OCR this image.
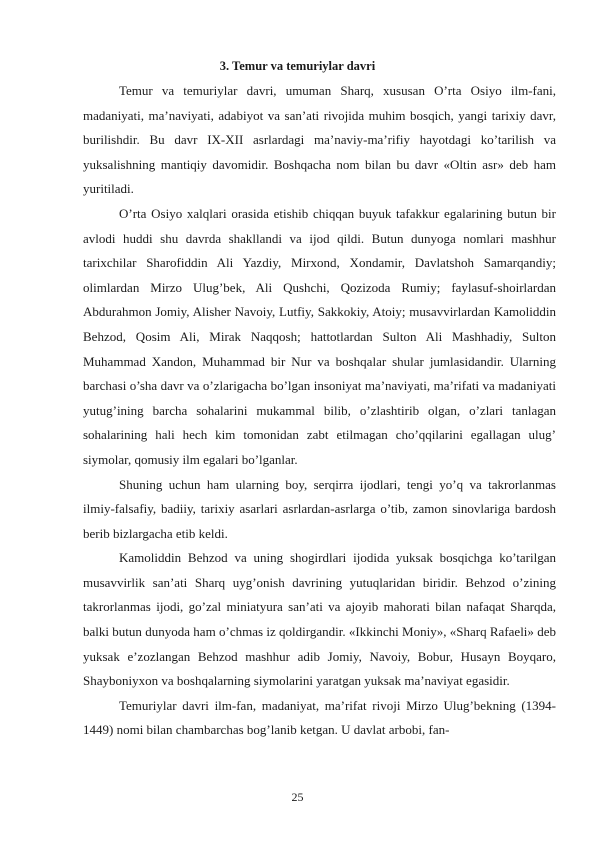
3. Temur va temuriylar davri

Temur va temuriylar davri, umuman Sharq, xususan O’rta Osiyo ilm-fani, madaniyati, ma’naviyati, adabiyot va san’ati rivojida muhim bosqich, yangi tarixiy davr, burilishdir. Bu davr IX-XII asrlardagi ma’naviy-ma’rifiy hayotdagi ko’tarilish va yuksalishning mantiqiy davomidir. Boshqacha nom bilan bu davr «Oltin asr» deb ham yuritiladi.

O’rta Osiyo xalqlari orasida etishib chiqqan buyuk tafakkur egalarining butun bir avlodi huddi shu davrda shakllandi va ijod qildi. Butun dunyoga nomlari mashhur tarixchilar Sharofiddin Ali Yazdiy, Mirxond, Xondamir, Davlatshoh Samarqandiy; olimlardan Mirzo Ulug’bek, Ali Qushchi, Qozizoda Rumiy; faylasuf-shoirlardan Abdurahmon Jomiy, Alisher Navoiy, Lutfiy, Sakkokiy, Atoiy; musavvirlardan Kamoliddin Behzod, Qosim Ali, Mirak Naqqosh; hattotlardan Sulton Ali Mashhadiy, Sulton Muhammad Xandon, Muhammad bir Nur va boshqalar shular jumlasidandir. Ularning barchasi o’sha davr va o’zlarigacha bo’lgan insoniyat ma’naviyati, ma’rifati va madaniyati yutug’ining barcha sohalarini mukammal bilib, o’zlashtirib olgan, o’zlari tanlagan sohalarining hali hech kim tomonidan zabt etilmagan cho’qqilarini egallagan ulug’ siymolar, qomusiy ilm egalari bo’lganlar.

Shuning uchun ham ularning boy, serqirra ijodlari, tengi yo’q va takrorlanmas ilmiy-falsafiy, badiiy, tarixiy asarlari asrlardan-asrlarga o’tib, zamon sinovlariga bardosh berib bizlargacha etib keldi.

Kamoliddin Behzod va uning shogirdlari ijodida yuksak bosqichga ko’tarilgan musavvirlik san’ati Sharq uyg’onish davrining yutuqlaridan biridir. Behzod o’zining takrorlanmas ijodi, go’zal miniatyura san’ati va ajoyib mahorati bilan nafaqat Sharqda, balki butun dunyoda ham o’chmas iz qoldirgandir. «Ikkinchi Moniy», «Sharq Rafaeli» deb yuksak e’zozlangan Behzod mashhur adib Jomiy, Navoiy, Bobur, Husayn Boyqaro, Shayboniyxon va boshqalarning siymolarini yaratgan yuksak ma’naviyat egasidir.

Temuriylar davri ilm-fan, madaniyat, ma’rifat rivoji Mirzo Ulug’bekning (1394-1449) nomi bilan chambarchas bog’lanib ketgan. U davlat arbobi, fan-

25
